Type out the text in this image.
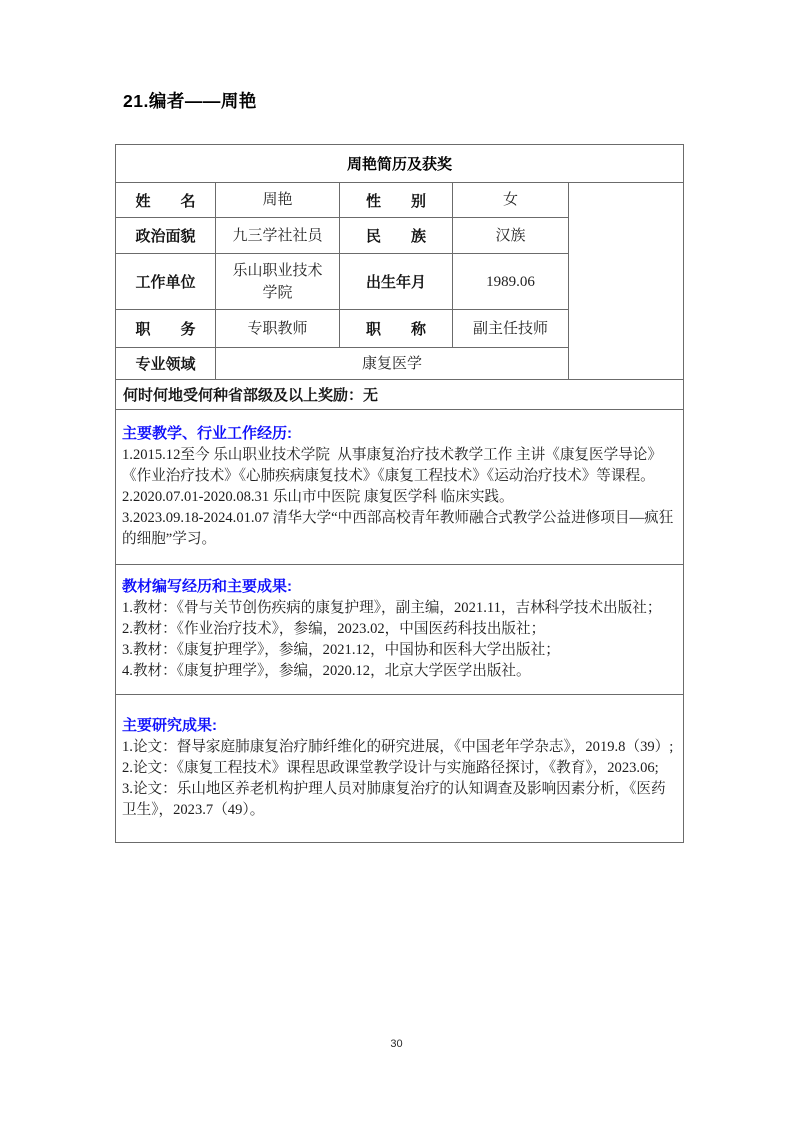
21.编者——周艳
周艳简历及获奖				
姓　　名	周艳	性　　别	女	
政治面貌	九三学社社员	民　　族	汉族	
工作单位	乐山职业技术学院	出生年月	1989.06	
职　　务	专职教师	职　　称	副主任技师	
专业领域	康复医学			
何时何地受何种省部级及以上奖励：无				

主要教学、行业工作经历:
1.2015.12至今 乐山职业技术学院  从事康复治疗技术教学工作 主讲《康复医学导论》《作业治疗技术》《心肺疾病康复技术》《康复工程技术》《运动治疗技术》等课程。
2.2020.07.01-2020.08.31 乐山市中医院 康复医学科 临床实践。
3.2023.09.18-2024.01.07 清华大学“中西部高校青年教师融合式教学公益进修项目—疯狂的细胞”学习。				

教材编写经历和主要成果:
1.教材：《骨与关节创伤疾病的康复护理》，副主编，2021.11，吉林科学技术出版社；
2.教材：《作业治疗技术》，参编，2023.02，中国医药科技出版社；
3.教材：《康复护理学》，参编，2021.12，中国协和医科大学出版社；
4.教材：《康复护理学》，参编，2020.12，北京大学医学出版社。				

主要研究成果:
1.论文：督导家庭肺康复治疗肺纤维化的研究进展，《中国老年学杂志》，2019.8（39）;
2.论文：《康复工程技术》课程思政课堂教学设计与实施路径探讨，《教育》，2023.06;
3.论文：乐山地区养老机构护理人员对肺康复治疗的认知调查及影响因素分析，《医药卫生》，2023.7（49）。				
30
